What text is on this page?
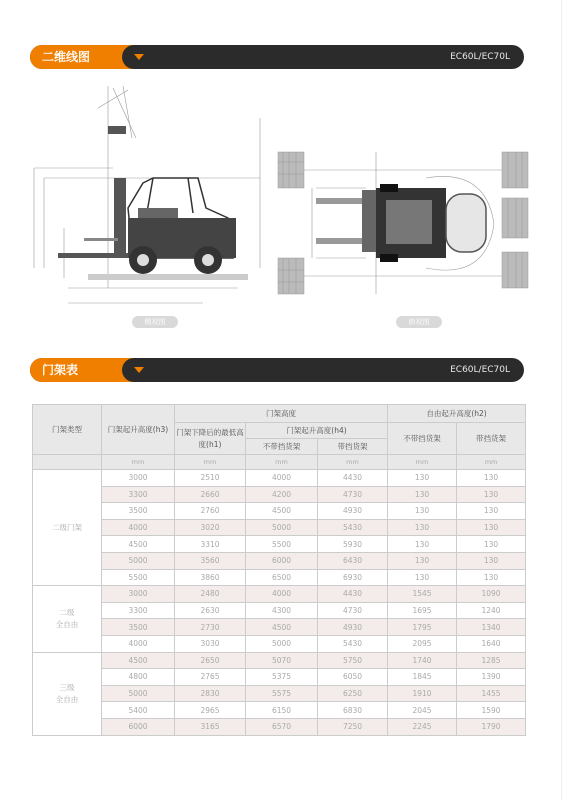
二维线图	EC60L/EC70L
侧视图	俯视图
门架表	EC60L/EC70L
门架类型	门架起升高度(h3)	门架高度			自由起升高度(h2)	
		门架下降后的最低高度(h1)	门架起升高度(h4)		不带挡货架	带挡货架
			不带挡货架	带挡货架		
	mm	mm	mm	mm	mm	mm
二级门架	3000	2510	4000	4430	130	130
	3300	2660	4200	4730	130	130
	3500	2760	4500	4930	130	130
	4000	3020	5000	5430	130	130
	4500	3310	5500	5930	130	130
	5000	3560	6000	6430	130	130
	5500	3860	6500	6930	130	130
二级
全自由	3000	2480	4000	4430	1545	1090
	3300	2630	4300	4730	1695	1240
	3500	2730	4500	4930	1795	1340
	4000	3030	5000	5430	2095	1640
三级
全自由	4500	2650	5070	5750	1740	1285
	4800	2765	5375	6050	1845	1390
	5000	2830	5575	6250	1910	1455
	5400	2965	6150	6830	2045	1590
	6000	3165	6570	7250	2245	1790
